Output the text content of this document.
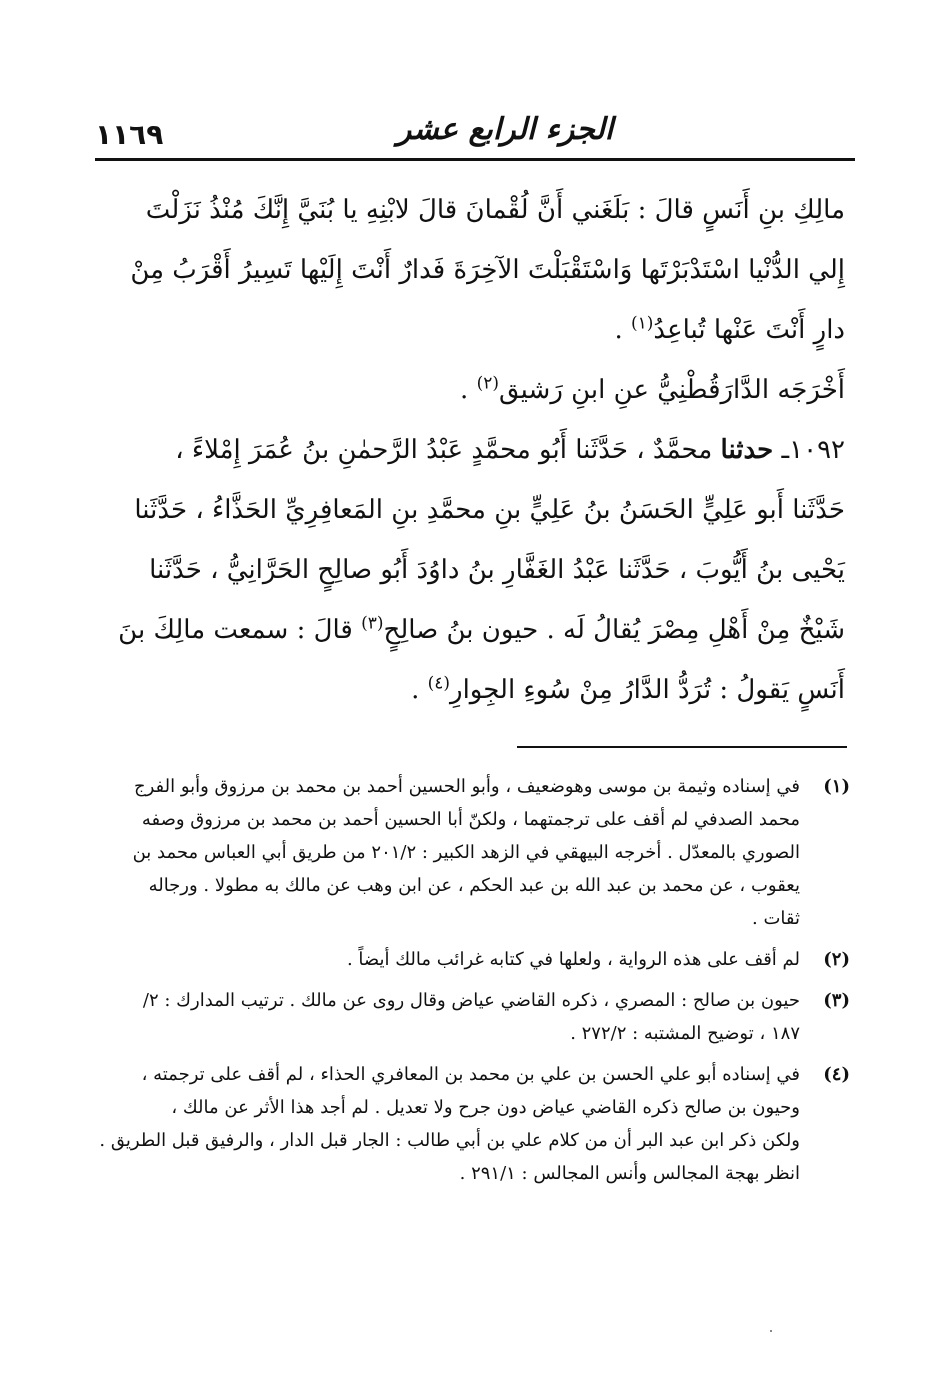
١١٦٩	الجزء الرابع عشر

مالِكِ بنِ أَنَسٍ قالَ : بَلَغَني أَنَّ لُقْمانَ قالَ لابْنِهِ يا بُنَيَّ إِنَّكَ مُنْذُ نَزَلْتَ
إِلي الدُّنْيا اسْتَدْبَرْتَها وَاسْتَقْبَلْتَ الآخِرَةَ فَدارٌ أَنْتَ إِلَيْها تَسِيرُ أَقْرَبُ مِنْ
دارٍ أَنْتَ عَنْها تُباعِدُ$^{(١)}$ .
أَخْرَجَه الدَّارَقُطْنِيُّ عنِ ابنِ رَشيق$^{(٢)}$ .

١٠٩٢ـ حدثنا محمَّدٌ ، حَدَّثَنا أَبُو محمَّدٍ عَبْدُ الرَّحمٰنِ بنُ عُمَرَ إِمْلاءً ،
حَدَّثَنا أَبو عَلِيٍّ الحَسَنُ بنُ عَلِيٍّ بنِ محمَّدِ بنِ المَعافِرِيِّ الحَذَّاءُ ، حَدَّثَنا
يَحْيى بنُ أَيُّوبَ ، حَدَّثَنا عَبْدُ الغَفَّارِ بنُ داوُدَ أَبُو صالِحٍ الحَرَّانِيُّ ، حَدَّثَنا
شَيْخٌ مِنْ أَهْلِ مِصْرَ يُقالُ لَه . حيون بنُ صالِحٍ$^{(٣)}$ قالَ : سمعت مالِكَ بنَ
أَنَسٍ يَقولُ : تُرَدُّ الدَّارُ مِنْ سُوءِ الجِوارِ$^{(٤)}$ .

(١)
في إسناده وثيمة بن موسى وهوضعيف ، وأبو الحسين أحمد بن محمد بن مرزوق وأبو الفرج
محمد الصدفي لم أقف على ترجمتهما ، ولكنّ أبا الحسين أحمد بن محمد بن مرزوق وصفه
الصوري بالمعدّل . أخرجه البيهقي في الزهد الكبير : ٢٠١/٢ من طريق أبي العباس محمد بن
يعقوب ، عن محمد بن عبد الله بن عبد الحكم ، عن ابن وهب عن مالك به مطولا . ورجاله
ثقات .
(٢)
لم أقف على هذه الرواية ، ولعلها في كتابه غرائب مالك أيضاً .
(٣)
حيون بن صالح : المصري ، ذكره القاضي عياض وقال روى عن مالك . ترتيب المدارك : ٢/
١٨٧ ، توضيح المشتبه : ٢٧٢/٢ .
(٤)
في إسناده أبو علي الحسن بن علي بن محمد بن المعافري الحذاء ، لم أقف على ترجمته ،
وحيون بن صالح ذكره القاضي عياض دون جرح ولا تعديل . لم أجد هذا الأثر عن مالك ،
ولكن ذكر ابن عبد البر أن من كلام علي بن أبي طالب : الجار قبل الدار ، والرفيق قبل الطريق .
انظر بهجة المجالس وأنس المجالس : ٢٩١/١ .
